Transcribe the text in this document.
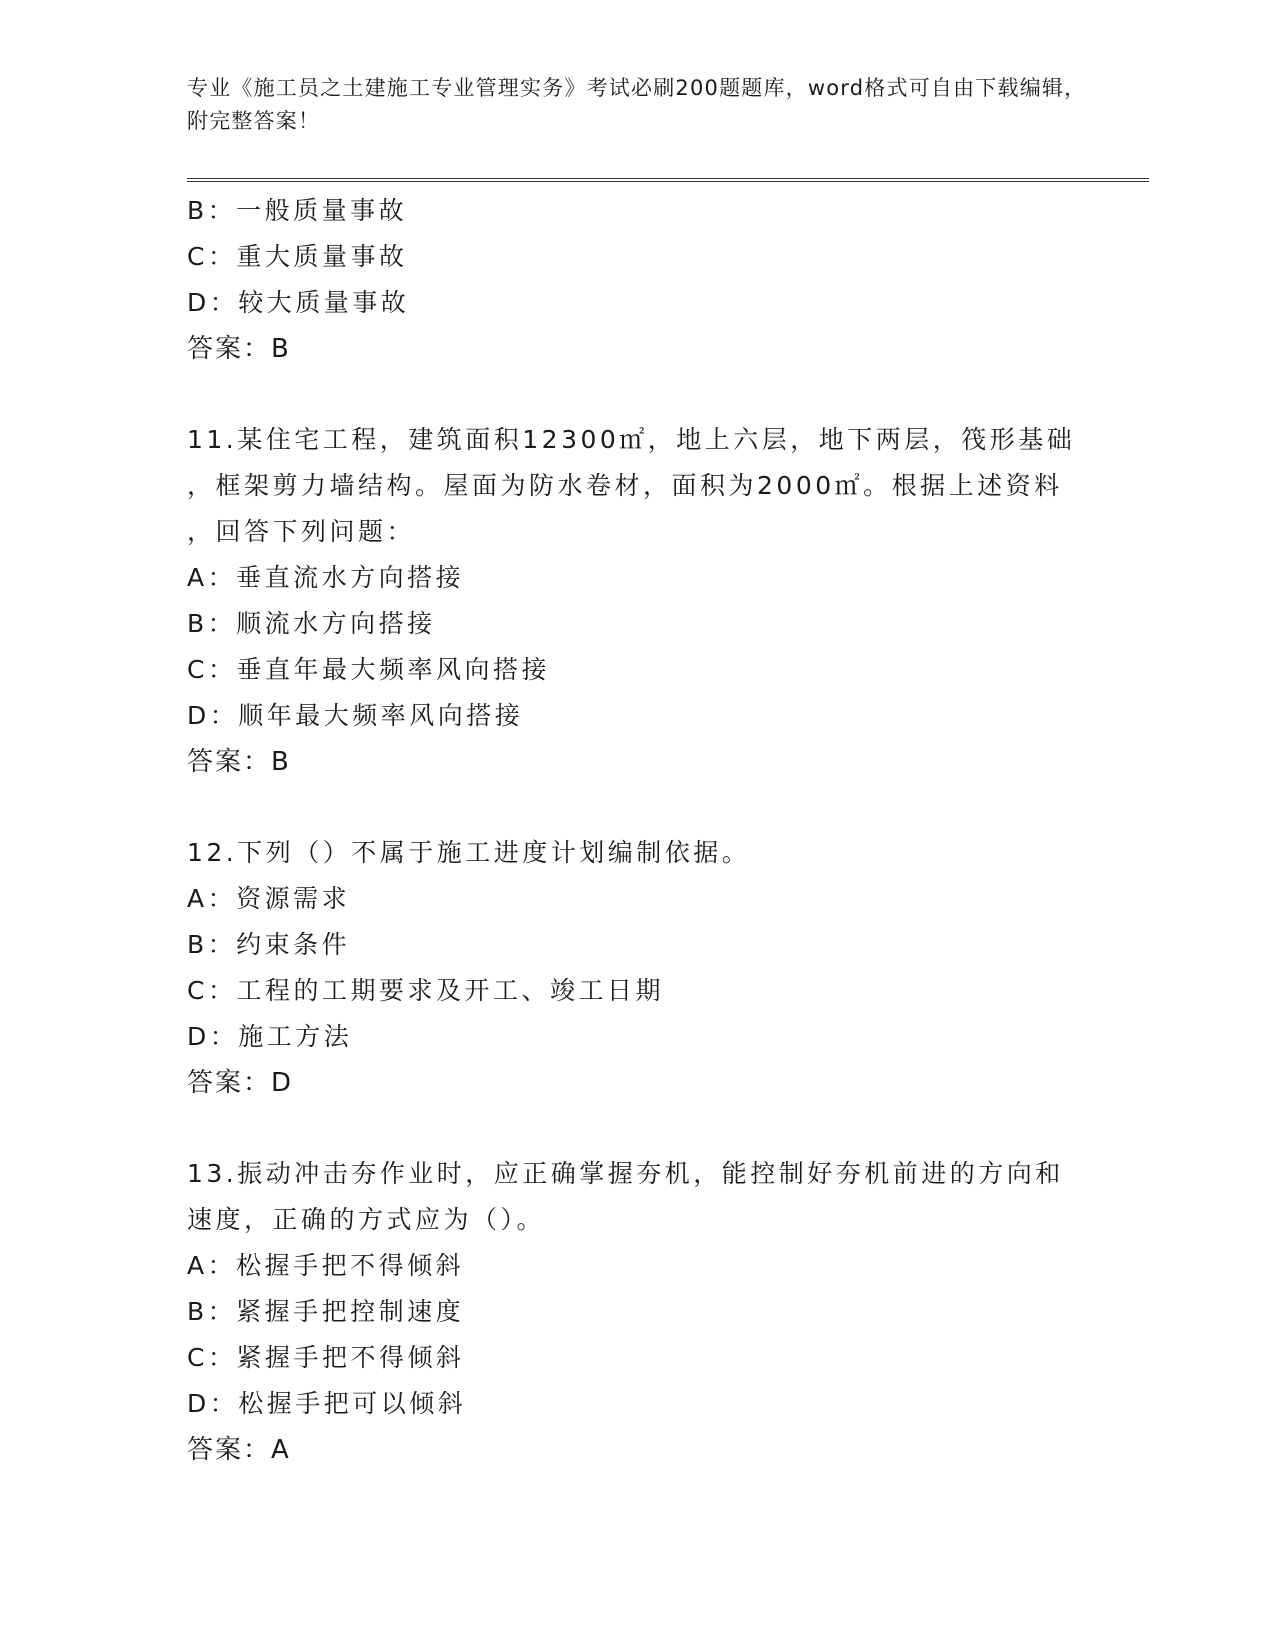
专业《施工员之土建施工专业管理实务》考试必刷200题题库，word格式可自由下载编辑，附完整答案！
B：一般质量事故
C：重大质量事故
D：较大质量事故
答案：B
11.某住宅工程，建筑面积12300㎡，地上六层，地下两层，筏形基础
，框架剪力墙结构。屋面为防水卷材，面积为2000㎡。根据上述资料
，回答下列问题：
A：垂直流水方向搭接
B：顺流水方向搭接
C：垂直年最大频率风向搭接
D：顺年最大频率风向搭接
答案：B
12.下列（）不属于施工进度计划编制依据。
A：资源需求
B：约束条件
C：工程的工期要求及开工、竣工日期
D：施工方法
答案：D
13.振动冲击夯作业时，应正确掌握夯机，能控制好夯机前进的方向和
速度，正确的方式应为（）。
A：松握手把不得倾斜
B：紧握手把控制速度
C：紧握手把不得倾斜
D：松握手把可以倾斜
答案：A
